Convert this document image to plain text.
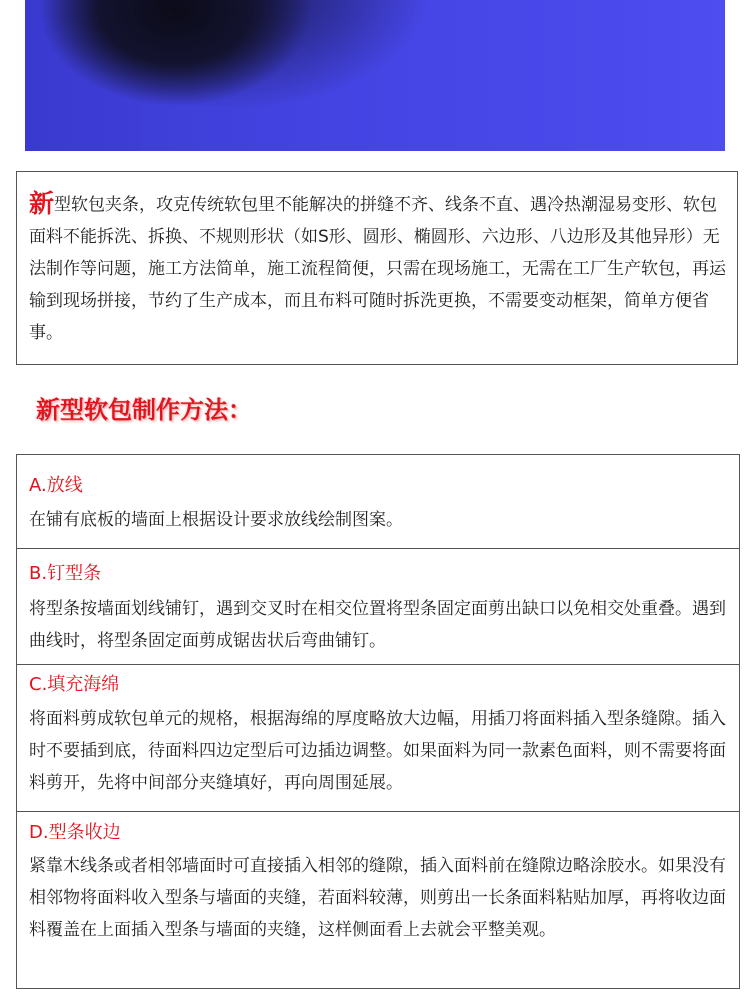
新型软包夹条，攻克传统软包里不能解决的拼缝不齐、线条不直、遇冷热潮湿易变形、软包面料不能拆洗、拆换、不规则形状（如S形、圆形、椭圆形、六边形、八边形及其他异形）无法制作等问题，施工方法简单，施工流程简便，只需在现场施工，无需在工厂生产软包，再运输到现场拼接，节约了生产成本，而且布料可随时拆洗更换，不需要变动框架，简单方便省事。

新型软包制作方法：
A.放线

在铺有底板的墙面上根据设计要求放线绘制图案。

B.钉型条

将型条按墙面划线铺钉，遇到交叉时在相交位置将型条固定面剪出缺口以免相交处重叠。遇到曲线时，将型条固定面剪成锯齿状后弯曲铺钉。

C.填充海绵

将面料剪成软包单元的规格，根据海绵的厚度略放大边幅，用插刀将面料插入型条缝隙。插入时不要插到底，待面料四边定型后可边插边调整。如果面料为同一款素色面料，则不需要将面料剪开，先将中间部分夹缝填好，再向周围延展。

D.型条收边

紧靠木线条或者相邻墙面时可直接插入相邻的缝隙，插入面料前在缝隙边略涂胶水。如果没有相邻物将面料收入型条与墙面的夹缝，若面料较薄，则剪出一长条面料粘贴加厚，再将收边面料覆盖在上面插入型条与墙面的夹缝，这样侧面看上去就会平整美观。
